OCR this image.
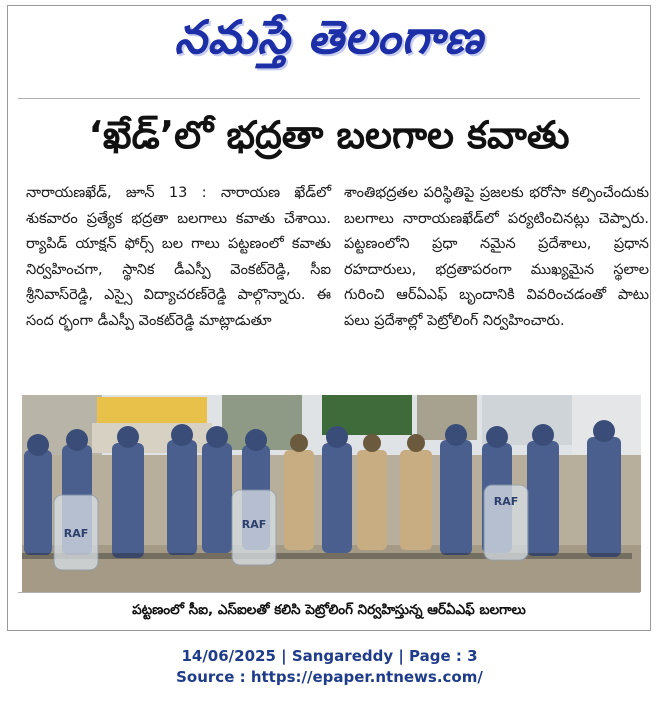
నమస్తే తెలంగాణ
‘ఖేడ్’లో భద్రతా బలగాల కవాతు
నారాయణఖేడ్, జూన్ 13 : నారాయణ ఖేడ్‌లో శుకవారం ప్రత్యేక భద్రతా బలగాలు కవాతు చేశాయి. ర్యాపిడ్ యాక్షన్ ఫోర్స్ బల గాలు పట్టణంలో కవాతు నిర్వహించగా, స్థానిక డీఎస్పీ వెంకట్‌రెడ్డి, సీఐ శ్రీనివాస్‌రెడ్డి, ఎస్సై విద్యాచరణ్‌రెడ్డి పాల్గొన్నారు. ఈ సంద ర్భంగా డీఎస్పీ వెంకట్‌రెడ్డి మాట్లాడుతూ
శాంతిభద్రతల పరిస్థితిపై ప్రజలకు భరోసా కల్పించేందుకు బలగాలు నారాయణఖేడ్‌లో పర్యటించినట్లు చెప్పారు. పట్టణంలోని ప్రధా నమైన ప్రదేశాలు, ప్రధాన రహదారులు, భద్రతాపరంగా ముఖ్యమైన స్థలాల గురించి ఆర్‌ఏఎఫ్ బృందానికి వివరించడంతో పాటు పలు ప్రదేశాల్లో పెట్రోలింగ్ నిర్వహించారు.
RAF
RAF
RAF
పట్టణంలో సీఐ, ఎస్‌ఐలతో కలిసి పెట్రోలింగ్ నిర్వహిస్తున్న ఆర్‌ఏఎఫ్ బలగాలు
14/06/2025 | Sangareddy | Page : 3
Source : https://epaper.ntnews.com/
